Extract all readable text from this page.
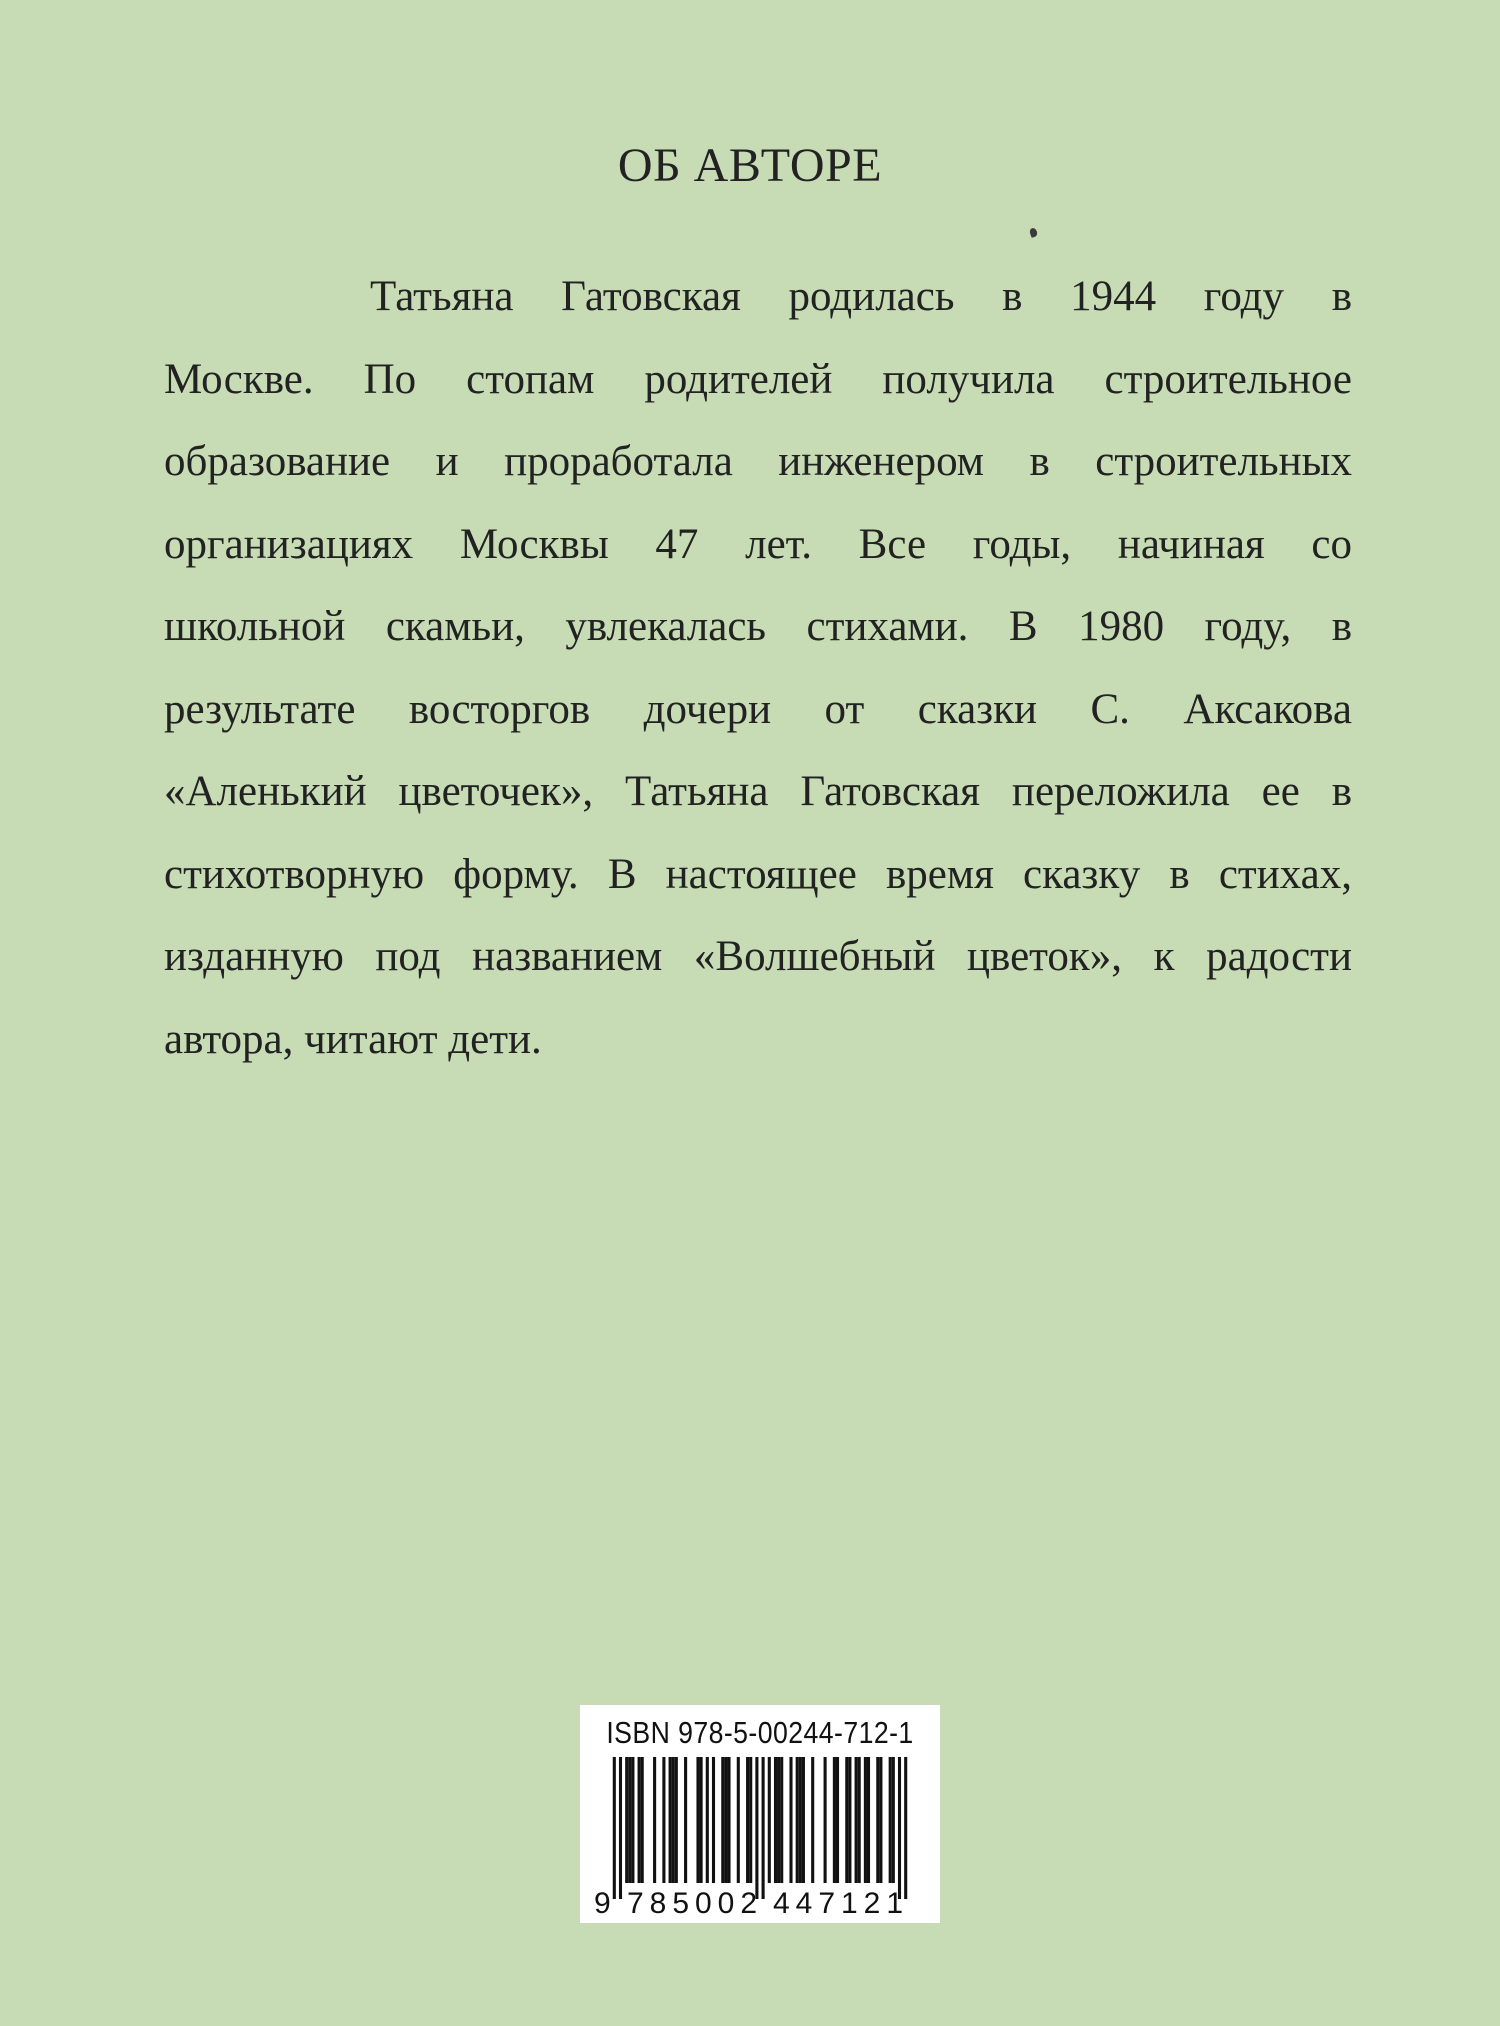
ОБ АВТОРЕ
Татьяна Гатовская родилась в 1944 году в
Москве. По стопам родителей получила строительное
образование и проработала инженером в строительных
организациях Москвы 47 лет. Все годы, начиная со
школьной скамьи, увлекалась стихами. В 1980 году, в
результате восторгов дочери от сказки С. Аксакова
«Аленький цветочек», Татьяна Гатовская переложила ее в
стихотворную форму. В настоящее время сказку в стихах,
изданную под названием «Волшебный цветок», к радости
автора, читают дети.
ISBN 978-5-00244-712-1
9 785002 447121
